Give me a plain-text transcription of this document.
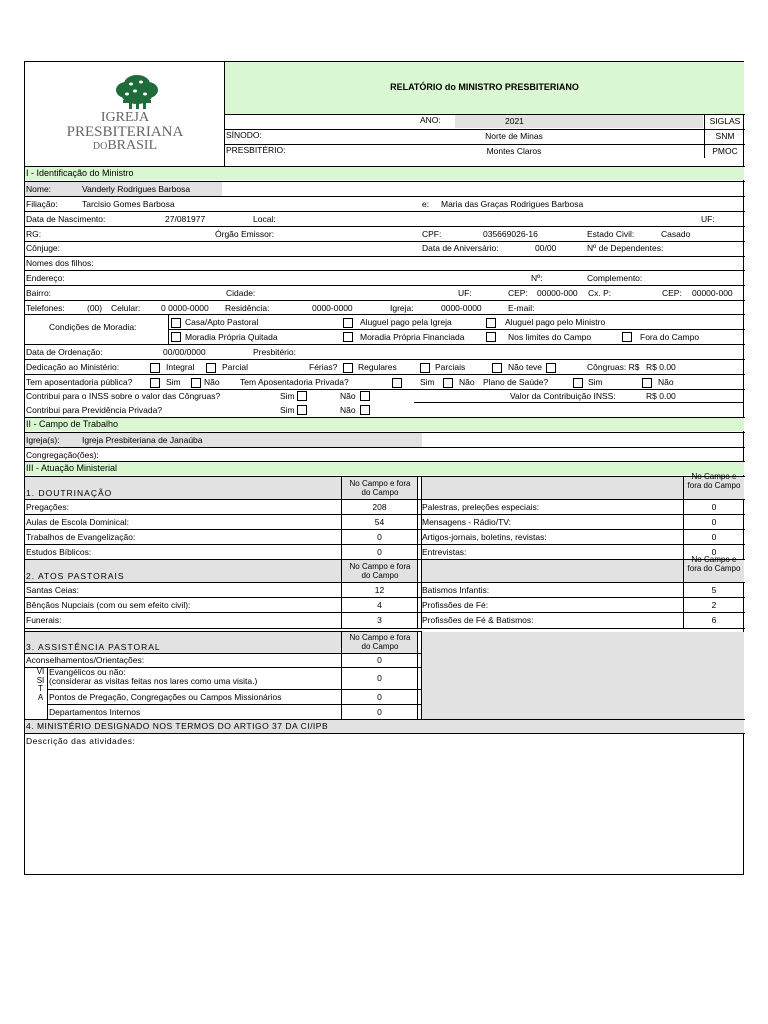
IGREJA
PRESBITERIANA
DOBRASIL
RELATÓRIO do MINISTRO PRESBITERIANO
ANO:	2021	SIGLAS
SÍNODO:	Norte de Minas	SNM
PRESBITÉRIO:	Montes Claros	PMOC
I - Identificação do Ministro
Nome:	Vanderly Rodrigues Barbosa
Filiação:	Tarcisio Gomes Barbosa	e: Maria das Graças Rodrigues Barbosa
Data de Nascimento:	27/081977	Local:	UF:
RG:	Órgão Emissor:	CPF:	035669026-16	Estado Civil:	Casado
Cônjuge:	Data de Aniversário:	00/00	Nº de Dependentes:
Nomes dos filhos:
Endereço:	Nº:	Complemento:
Bairro:	Cidade:	UF:	CEP: 00000-000 Cx. P:	CEP: 00000-000
Telefones:	(00) Celular: 0 0000-0000 Residência:	0000-0000	Igreja:	0000-0000	E-mail:
Condições de Moradia:	Casa/Apto Pastoral	Aluguel pago pela Igreja	Aluguel pago pelo Ministro
Moradia Própria Quitada	Moradia Própria Financiada	Nos limites do Campo	Fora do Campo
Data de Ordenação:	00/00/0000	Presbitério:
Dedicação ao Ministério:	Integral	Parcial	Férias? Regulares	Parciais	Não teve	Côngruas: R$ R$ 0.00
Tem aposentadoria pública?	Sim	Não Tem Aposentadoria Privada?	Sim	Não Plano de Saúde?	Sim	Não
Contribui para o INSS sobre o valor das Côngruas?	Sim	Não	Valor da Contribuição INSS:	R$ 0.00
Contribui para Previdência Privada?	Sim	Não
II - Campo de Trabalho
Igreja(s):	Igreja Presbiteriana de Janaúba
Congregação(ões):
III - Atuação Ministerial
1. DOUTRINAÇÃO
No Campo e fora do Campo
No Campo e fora do Campo
Pregações:	208	Palestras, preleções especiais:	0
Aulas de Escola Dominical:	54	Mensagens - Rádio/TV:	0
Trabalhos de Evangelização:	0	Artigos-jornais, boletins, revistas:	0
Estudos Bíblicos:	0	Entrevistas:	0
2. ATOS PASTORAIS
No Campo e fora do Campo
No Campo e fora do Campo
Santas Ceias:	12	Batismos Infantis:	5
Bênçãos Nupciais (com ou sem efeito civil):	4	Profissões de Fé:	2
Funerais:	3	Profissões de Fé & Batismos:	6
3. ASSISTÊNCIA PASTORAL
No Campo e fora do Campo
Aconselhamentos/Orientações:	0
VISITA
Evangélicos ou não:
(considerar as visitas feitas nos lares como uma visita.)	0
Pontos de Pregação, Congregações ou Campos Missionários	0
Departamentos Internos	0
4. MINISTÉRIO DESIGNADO NOS TERMOS DO ARTIGO 37 DA CI/IPB
Descrição das atividades:
